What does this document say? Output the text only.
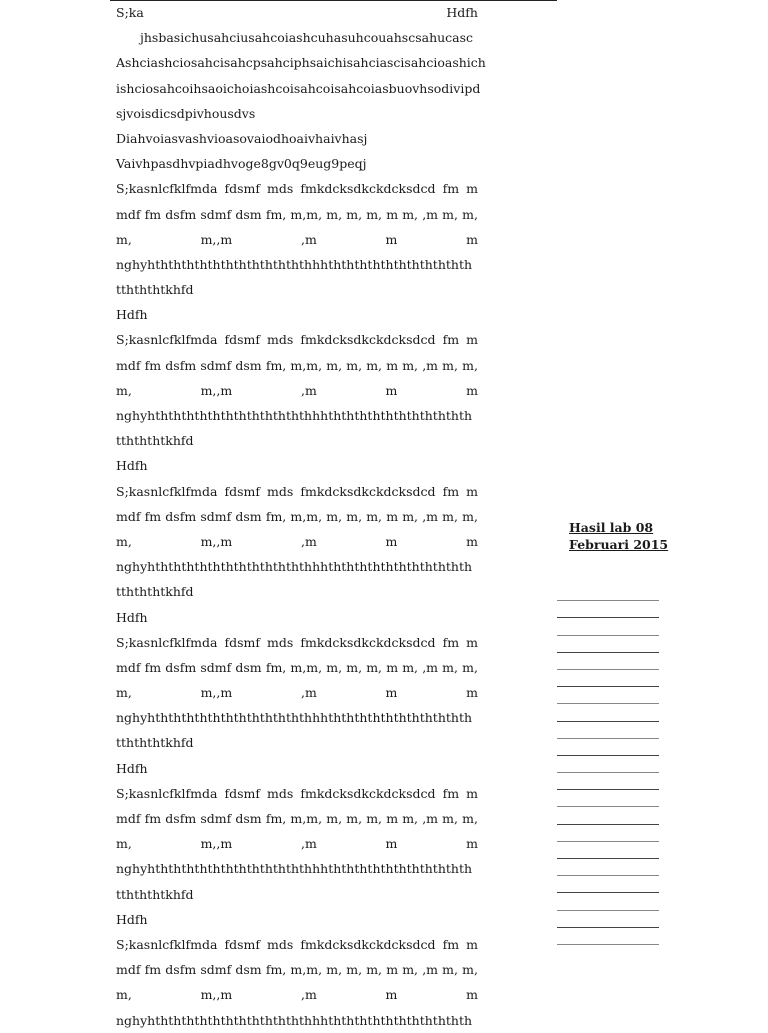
S;ka	Hdfh
jhsbasichusahciusahcoiashcuhasuhcouahscsahucasc
Ashciashciosahcisahcpsahciphsaichisahciascisahcioashich
ishciosahcoihsaoichoiashcoisahcoisahcoiasbuovhsodivipd
sjvoisdicsdpivhousdvs
Diahvoiasvashvioasovaiodhoaivhaivhasj
Vaivhpasdhvpiadhvoge8gv0q9eug9peqj
S;kasnlcfklfmda fdsmf mds fmkdcksdkckdcksdcd fm m
mdf fm dsfm sdmf dsm fm, m,m, m, m, m, m m, ,m m, m,
m, m,,m ,m m m
nghyhththththththththththththhhththththththththththth
tthththtkhfd
Hdfh
S;kasnlcfklfmda fdsmf mds fmkdcksdkckdcksdcd fm m
mdf fm dsfm sdmf dsm fm, m,m, m, m, m, m m, ,m m, m,
m, m,,m ,m m m
nghyhththththththththththththhhththththththththththth
tthththtkhfd
Hdfh
S;kasnlcfklfmda fdsmf mds fmkdcksdkckdcksdcd fm m
mdf fm dsfm sdmf dsm fm, m,m, m, m, m, m m, ,m m, m,
m, m,,m ,m m m
nghyhththththththththththththhhththththththththththth
tthththtkhfd
Hdfh
S;kasnlcfklfmda fdsmf mds fmkdcksdkckdcksdcd fm m
mdf fm dsfm sdmf dsm fm, m,m, m, m, m, m m, ,m m, m,
m, m,,m ,m m m
nghyhththththththththththththhhththththththththththth
tthththtkhfd
Hdfh
S;kasnlcfklfmda fdsmf mds fmkdcksdkckdcksdcd fm m
mdf fm dsfm sdmf dsm fm, m,m, m, m, m, m m, ,m m, m,
m, m,,m ,m m m
nghyhththththththththththththhhththththththththththth
tthththtkhfd
Hdfh
S;kasnlcfklfmda fdsmf mds fmkdcksdkckdcksdcd fm m
mdf fm dsfm sdmf dsm fm, m,m, m, m, m, m m, ,m m, m,
m, m,,m ,m m m
nghyhththththththththththththhhththththththththththth
Hasil lab 08 Februari 2015
